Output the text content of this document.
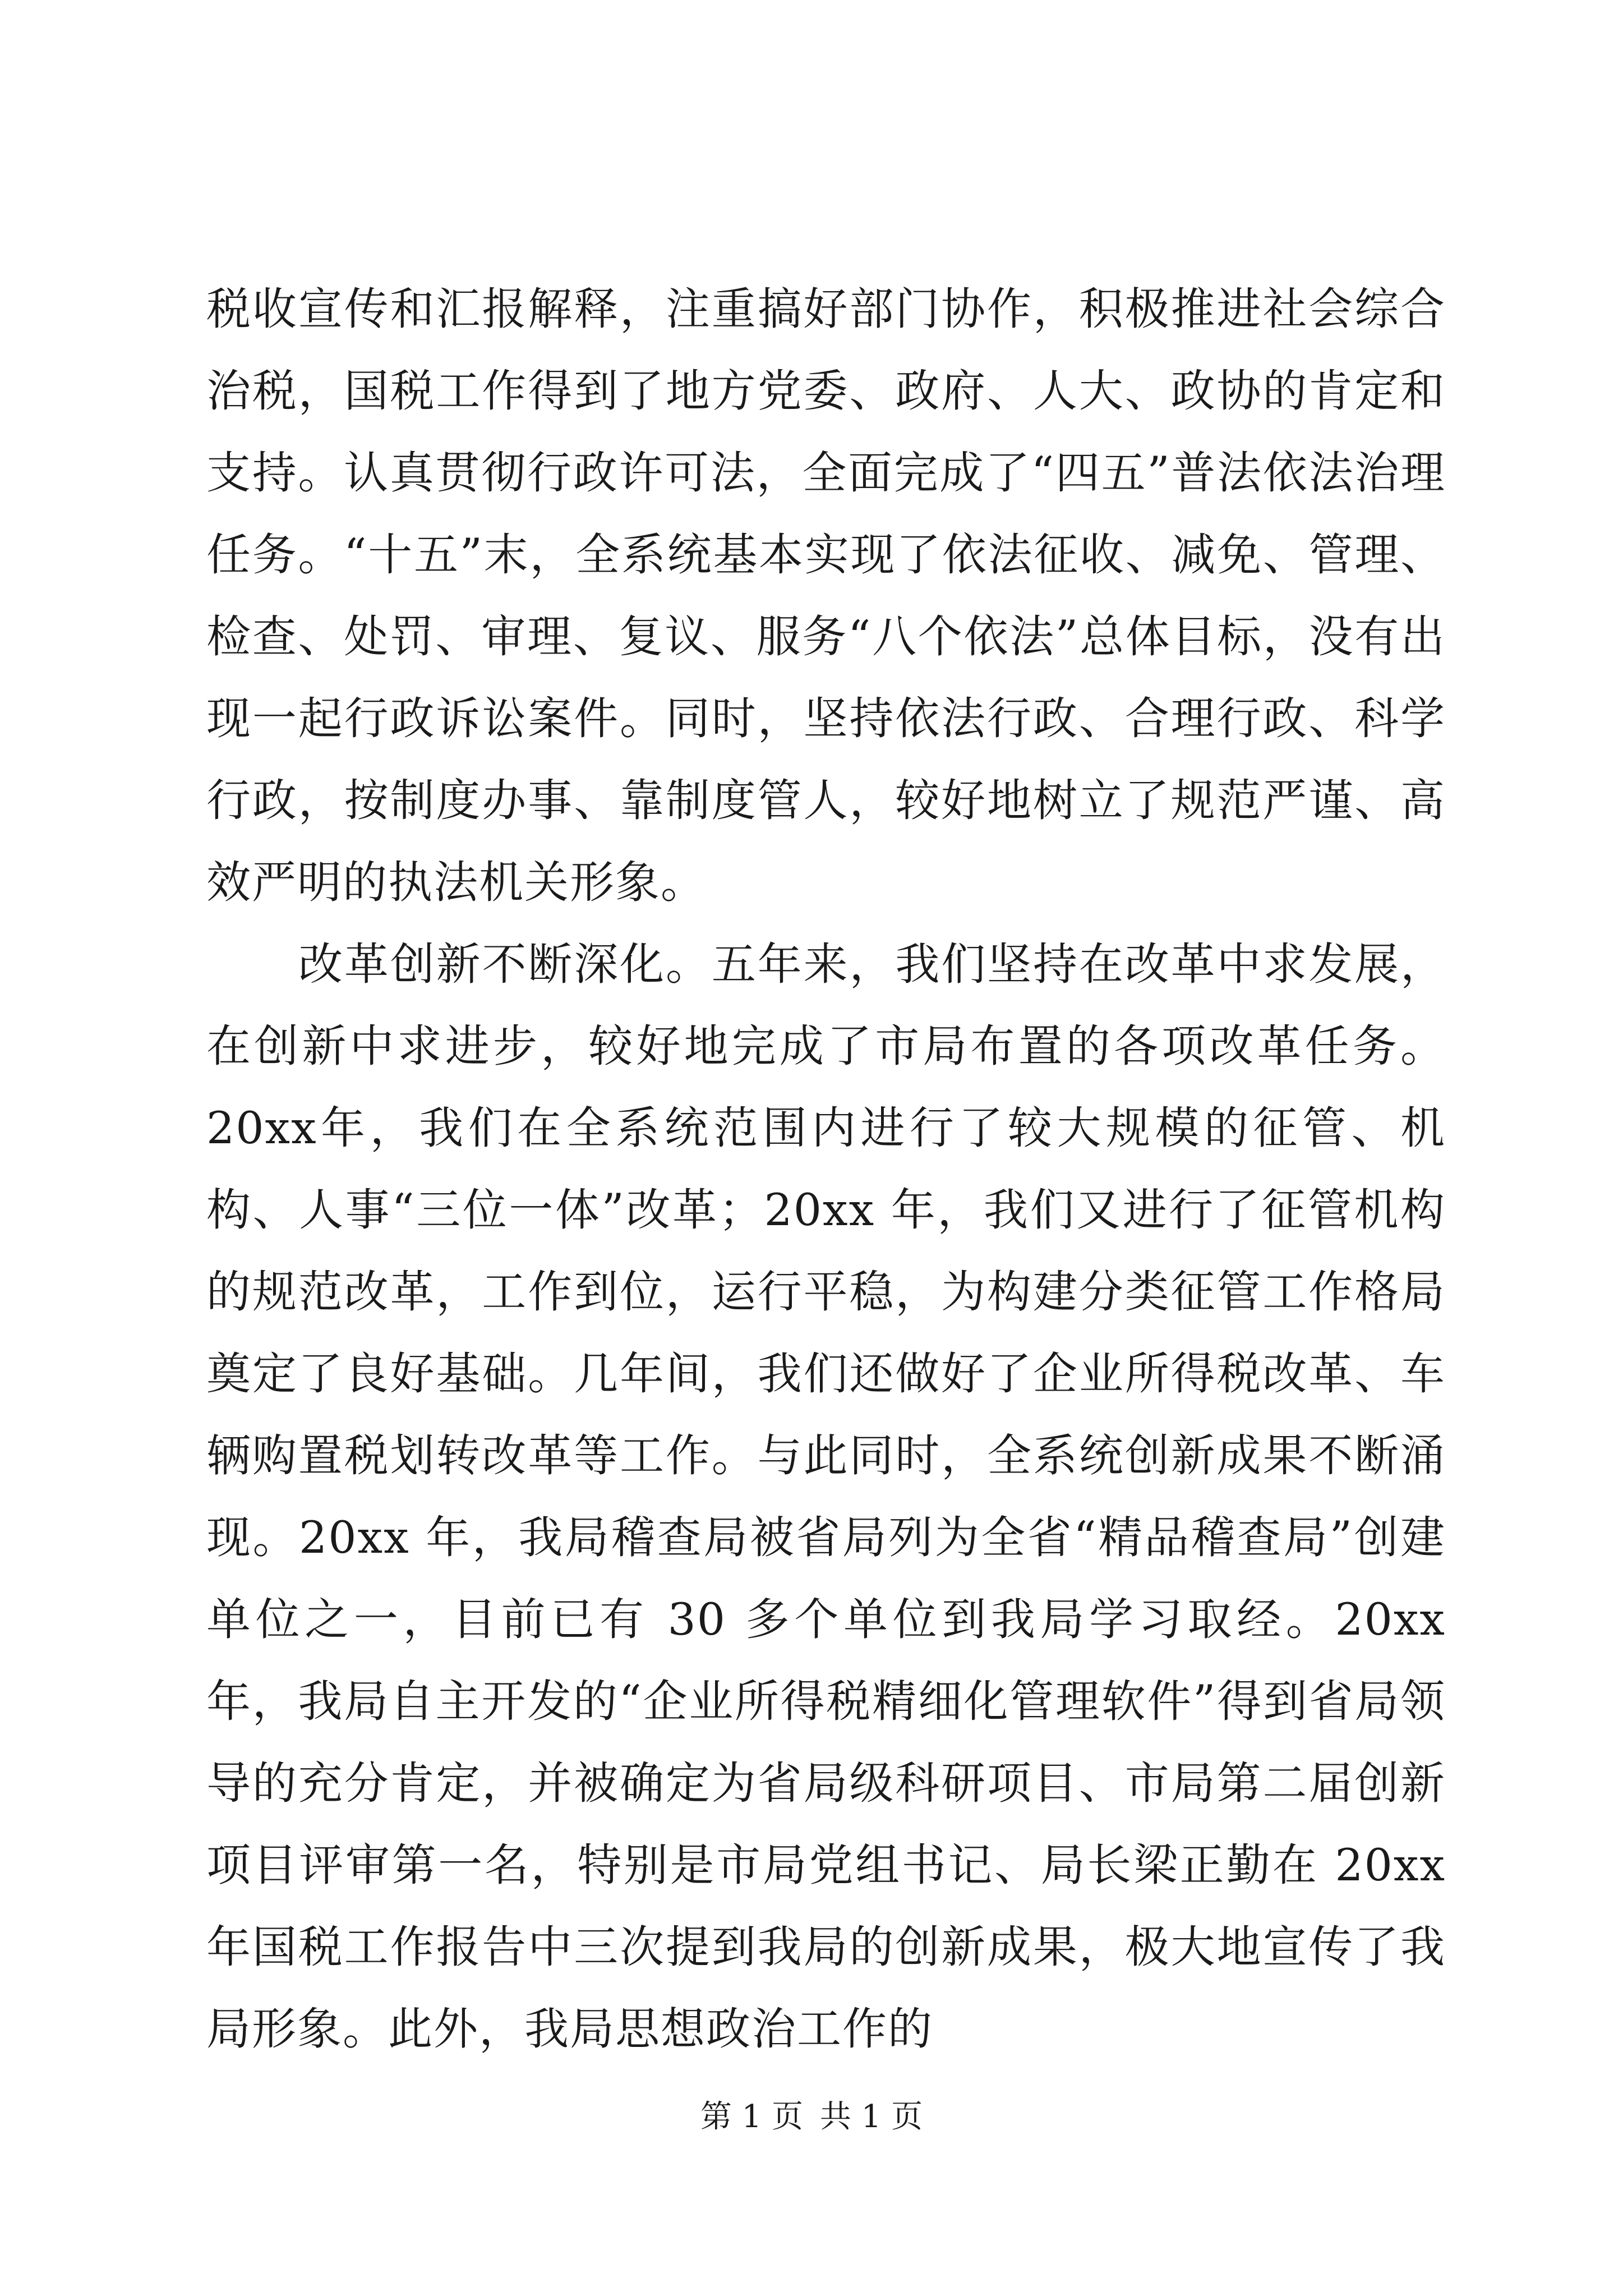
税收宣传和汇报解释，注重搞好部门协作，积极推进社会综合治税，国税工作得到了地方党委、政府、人大、政协的肯定和支持。认真贯彻行政许可法，全面完成了“四五”普法依法治理任务。“十五”末，全系统基本实现了依法征收、减免、管理、检查、处罚、审理、复议、服务“八个依法”总体目标，没有出现一起行政诉讼案件。同时，坚持依法行政、合理行政、科学行政，按制度办事、靠制度管人，较好地树立了规范严谨、高效严明的执法机关形象。

改革创新不断深化。五年来，我们坚持在改革中求发展，在创新中求进步，较好地完成了市局布置的各项改革任务。20xx年，我们在全系统范围内进行了较大规模的征管、机构、人事“三位一体”改革；20xx 年，我们又进行了征管机构的规范改革，工作到位，运行平稳，为构建分类征管工作格局奠定了良好基础。几年间，我们还做好了企业所得税改革、车辆购置税划转改革等工作。与此同时，全系统创新成果不断涌现。20xx 年，我局稽查局被省局列为全省“精品稽查局”创建单位之一，目前已有 30 多个单位到我局学习取经。20xx 年，我局自主开发的“企业所得税精细化管理软件”得到省局领导的充分肯定，并被确定为省局级科研项目、市局第二届创新项目评审第一名，特别是市局党组书记、局长梁正勤在 20xx 年国税工作报告中三次提到我局的创新成果，极大地宣传了我局形象。此外，我局思想政治工作的

第 1 页 共 1 页
